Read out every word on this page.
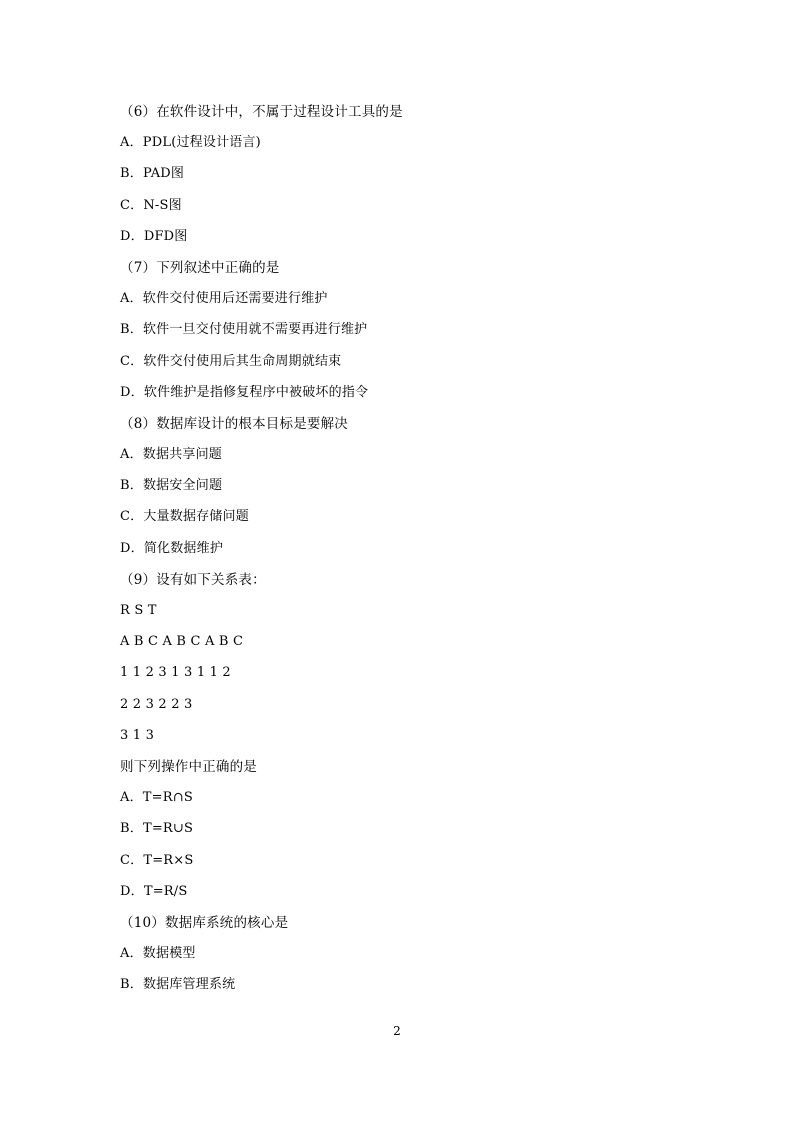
（6）在软件设计中，不属于过程设计工具的是
A．PDL(过程设计语言)
B．PAD图
C．N-S图
D．DFD图
（7）下列叙述中正确的是
A．软件交付使用后还需要进行维护
B．软件一旦交付使用就不需要再进行维护
C．软件交付使用后其生命周期就结束
D．软件维护是指修复程序中被破坏的指令
（8）数据库设计的根本目标是要解决
A．数据共享问题
B．数据安全问题
C．大量数据存储问题
D．简化数据维护
（9）设有如下关系表：
R S T
A B C A B C A B C
1 1 2 3 1 3 1 1 2
2 2 3 2 2 3
3 1 3
则下列操作中正确的是
A．T=R∩S
B．T=R∪S
C．T=R×S
D．T=R/S
（10）数据库系统的核心是
A．数据模型
B．数据库管理系统
2
